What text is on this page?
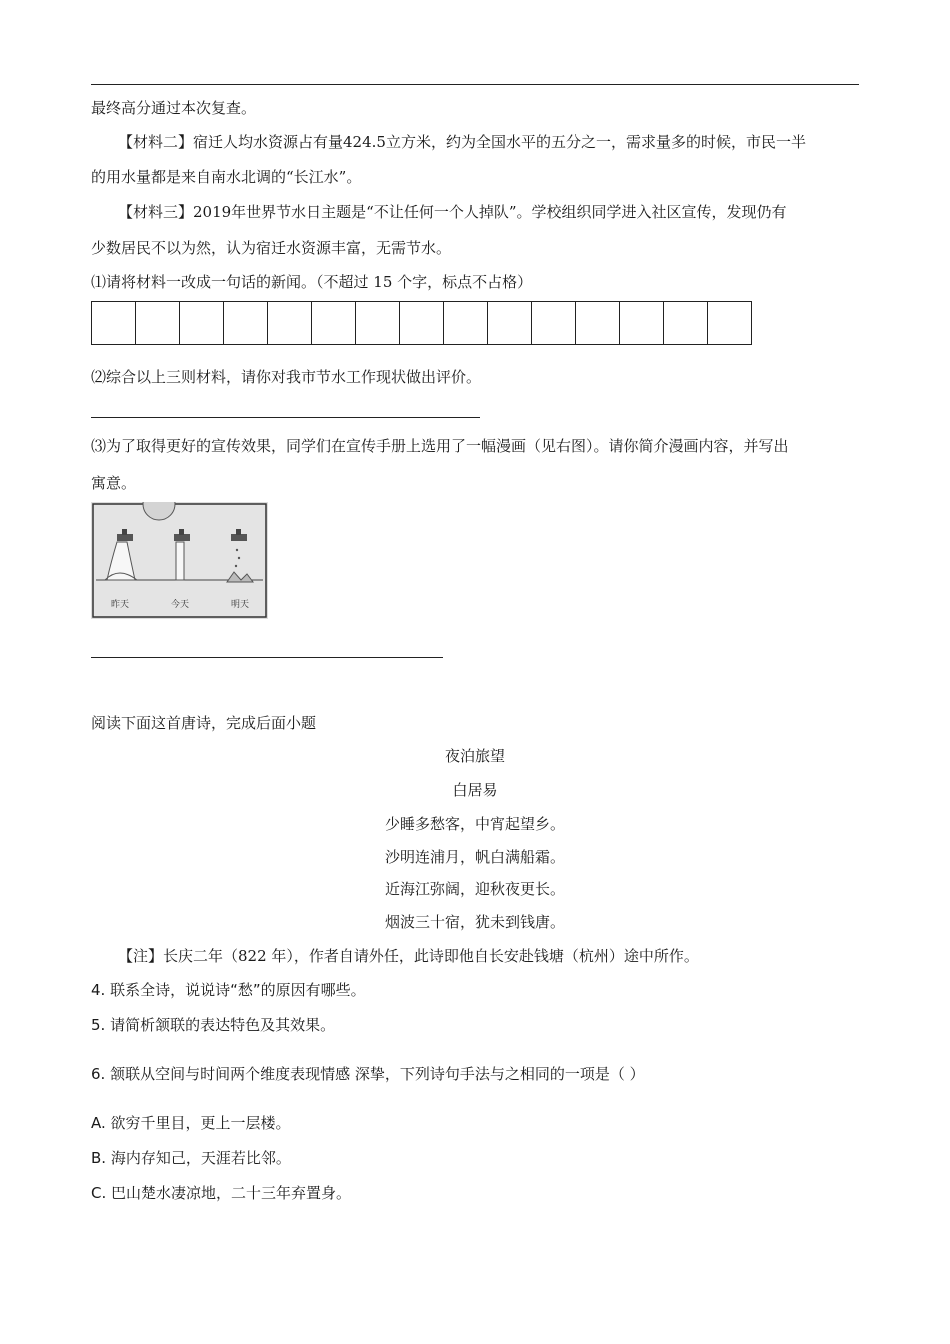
最终高分通过本次复查。
【材料二】宿迁人均水资源占有量424.5立方米，约为全国水平的五分之一，需求量多的时候，市民一半
的用水量都是来自南水北调的“长江水”。
【材料三】2019年世界节水日主题是“不让任何一个人掉队”。学校组织同学进入社区宣传，发现仍有
少数居民不以为然，认为宿迁水资源丰富，无需节水。
⑴请将材料一改成一句话的新闻。（不超过 15 个字，标点不占格）
⑵综合以上三则材料，请你对我市节水工作现状做出评价。
⑶为了取得更好的宣传效果，同学们在宣传手册上选用了一幅漫画（见右图）。请你简介漫画内容，并写出
寓意。
昨天	今天	明天
阅读下面这首唐诗，完成后面小题
夜泊旅望
白居易
少睡多愁客，中宵起望乡。
沙明连浦月，帆白满船霜。
近海江弥阔，迎秋夜更长。
烟波三十宿，犹未到钱唐。
【注】长庆二年（822 年），作者自请外任，此诗即他自长安赴钱塘（杭州）途中所作。
4. 联系全诗，说说诗“愁”的原因有哪些。
5. 请简析颔联的表达特色及其效果。
6. 颔联从空间与时间两个维度表现情感 深挚，下列诗句手法与之相同的一项是（ ）
A. 欲穷千里目，更上一层楼。
B. 海内存知己，天涯若比邻。
C. 巴山楚水凄凉地，二十三年弃置身。
